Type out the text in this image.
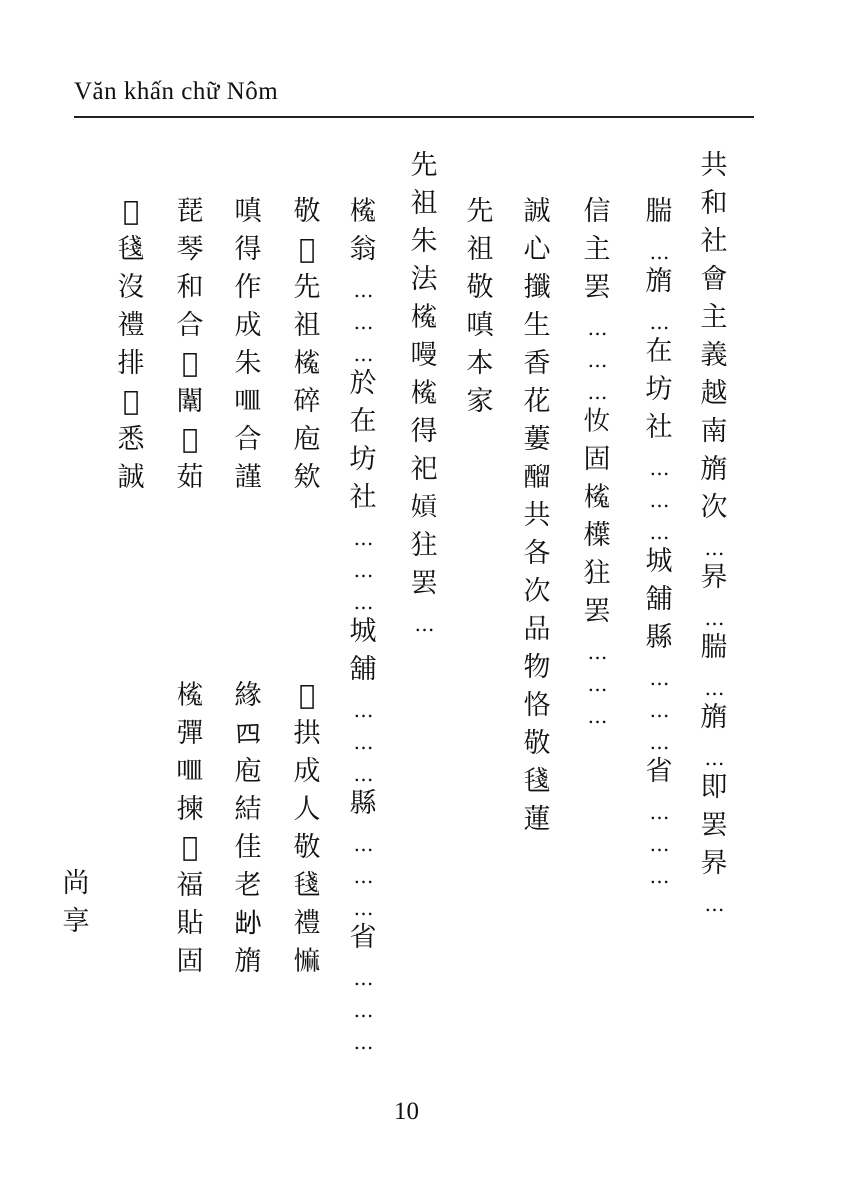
Văn khấn chữ Nôm
共
和
社
會
主
義
越
南
旓
次
…
昦
…
腨
…
旓
…
即
罢
昦
…
腨
…
旓
…
在
坊
社
…
…
…
城
舖
縣
…
…
…
省
…
…
…
信
主
罢
…
…
…
𢖵
固
𣘽
𣜿
㹥
罢
…
…
…
誠
心
攕
生
香
花
蔞
𨢇
共
各
次
品
物
恪
敬
𣮏
蓮
先
祖
敬
嗔
本
家
先
祖
朱
法
𣘽
𠼦
𣘽
得
祀
𡟫
㹥
罢
…
𣘽
翁
…
…
…
於
在
坊
社
…
…
…
城
舖
…
…
…
縣
…
…
…
省
…
…
…
敬
𠸦
先
祖
𣘽
碎
庖
欸
𨱽
拱
成
人
敬
𣮏
禮
𢠩
嗔
得
作
成
朱
𠰘
合
謹
緣
𪛘
庖
結
佳
老
𡭧
旓
琵
琴
和
合
𨱽
闈
𨱽
茹
𣘽
彈
𠰘
揀
𩯀
福
貼
固
𢿰
𣮏
沒
禮
排
𤒛
悉
誠
尚
享
10
